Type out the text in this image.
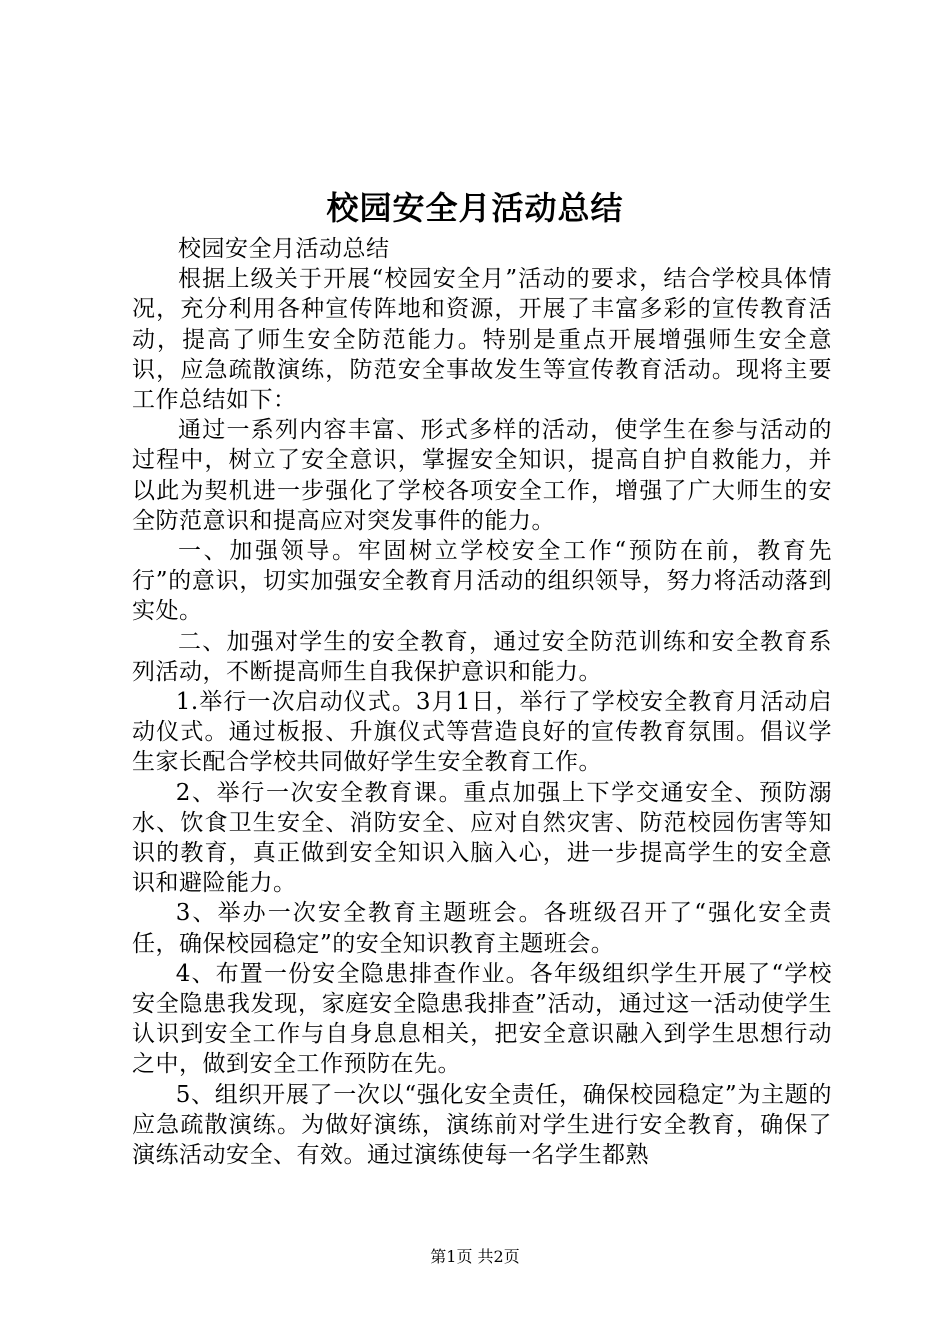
校园安全月活动总结

校园安全月活动总结

根据上级关于开展“校园安全月”活动的要求，结合学校具体情况，充分利用各种宣传阵地和资源，开展了丰富多彩的宣传教育活动，提高了师生安全防范能力。特别是重点开展增强师生安全意识，应急疏散演练，防范安全事故发生等宣传教育活动。现将主要工作总结如下：

通过一系列内容丰富、形式多样的活动，使学生在参与活动的过程中，树立了安全意识，掌握安全知识，提高自护自救能力，并以此为契机进一步强化了学校各项安全工作，增强了广大师生的安全防范意识和提高应对突发事件的能力。

一、加强领导。牢固树立学校安全工作“预防在前，教育先行”的意识，切实加强安全教育月活动的组织领导，努力将活动落到实处。

二、加强对学生的安全教育，通过安全防范训练和安全教育系列活动，不断提高师生自我保护意识和能力。

1.举行一次启动仪式。3月1日，举行了学校安全教育月活动启动仪式。通过板报、升旗仪式等营造良好的宣传教育氛围。倡议学生家长配合学校共同做好学生安全教育工作。

2、举行一次安全教育课。重点加强上下学交通安全、预防溺水、饮食卫生安全、消防安全、应对自然灾害、防范校园伤害等知识的教育，真正做到安全知识入脑入心，进一步提高学生的安全意识和避险能力。

3、举办一次安全教育主题班会。各班级召开了“强化安全责任，确保校园稳定”的安全知识教育主题班会。

4、布置一份安全隐患排查作业。各年级组织学生开展了“学校安全隐患我发现，家庭安全隐患我排查”活动，通过这一活动使学生认识到安全工作与自身息息相关，把安全意识融入到学生思想行动之中，做到安全工作预防在先。

5、组织开展了一次以“强化安全责任，确保校园稳定”为主题的应急疏散演练。为做好演练，演练前对学生进行安全教育，确保了演练活动安全、有效。通过演练使每一名学生都熟

第1页 共2页
